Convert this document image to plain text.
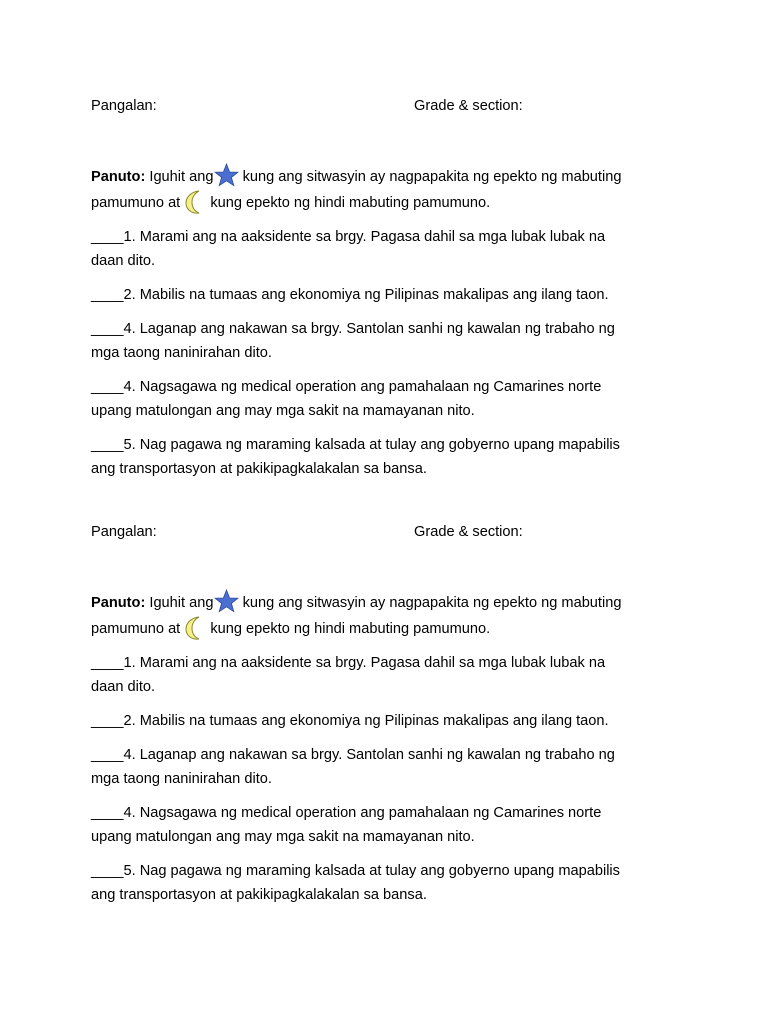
Pangalan:	Grade & section:

Panuto: Iguhit ang kung ang sitwasyin ay nagpapakita ng epekto ng mabuting
pamumuno at kung epekto ng hindi mabuting pamumuno.

____1. Marami ang na aaksidente sa brgy. Pagasa dahil sa mga lubak lubak na
daan dito.

____2. Mabilis na tumaas ang ekonomiya ng Pilipinas makalipas ang ilang taon.

____4. Laganap ang nakawan sa brgy. Santolan sanhi ng kawalan ng trabaho ng
mga taong naninirahan dito.

____4. Nagsagawa ng medical operation ang pamahalaan ng Camarines norte
upang matulongan ang may mga sakit na mamayanan nito.

____5. Nag pagawa ng maraming kalsada at tulay ang gobyerno upang mapabilis
ang transportasyon at pakikipagkalakalan sa bansa.

Pangalan:	Grade & section:

Panuto: Iguhit ang kung ang sitwasyin ay nagpapakita ng epekto ng mabuting
pamumuno at kung epekto ng hindi mabuting pamumuno.

____1. Marami ang na aaksidente sa brgy. Pagasa dahil sa mga lubak lubak na
daan dito.

____2. Mabilis na tumaas ang ekonomiya ng Pilipinas makalipas ang ilang taon.

____4. Laganap ang nakawan sa brgy. Santolan sanhi ng kawalan ng trabaho ng
mga taong naninirahan dito.

____4. Nagsagawa ng medical operation ang pamahalaan ng Camarines norte
upang matulongan ang may mga sakit na mamayanan nito.

____5. Nag pagawa ng maraming kalsada at tulay ang gobyerno upang mapabilis
ang transportasyon at pakikipagkalakalan sa bansa.
